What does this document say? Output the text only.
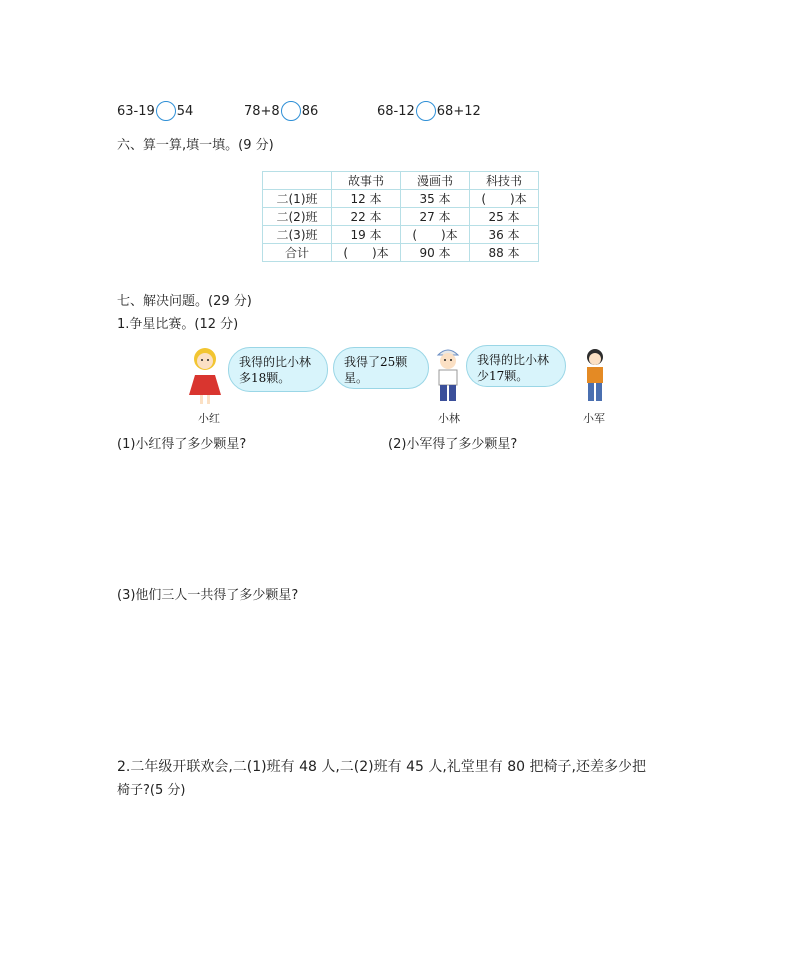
63-19 54	78+8 86	68-12 68+12
六、算一算,填一填。(9 分)
	故事书	漫画书	科技书
二(1)班	12 本	35 本	(　　)本
二(2)班	22 本	27 本	25 本
二(3)班	19 本	(　　)本	36 本
合计	(　　)本	90 本	88 本
七、解决问题。(29 分)
1.争星比赛。(12 分)
小红
我得的比小林多18颗。
我得了25颗星。
小林
我得的比小林少17颗。
小军
(1)小红得了多少颗星?	(2)小军得了多少颗星?
(3)他们三人一共得了多少颗星?
2.二年级开联欢会,二(1)班有 48 人,二(2)班有 45 人,礼堂里有 80 把椅子,还差多少把
椅子?(5 分)
